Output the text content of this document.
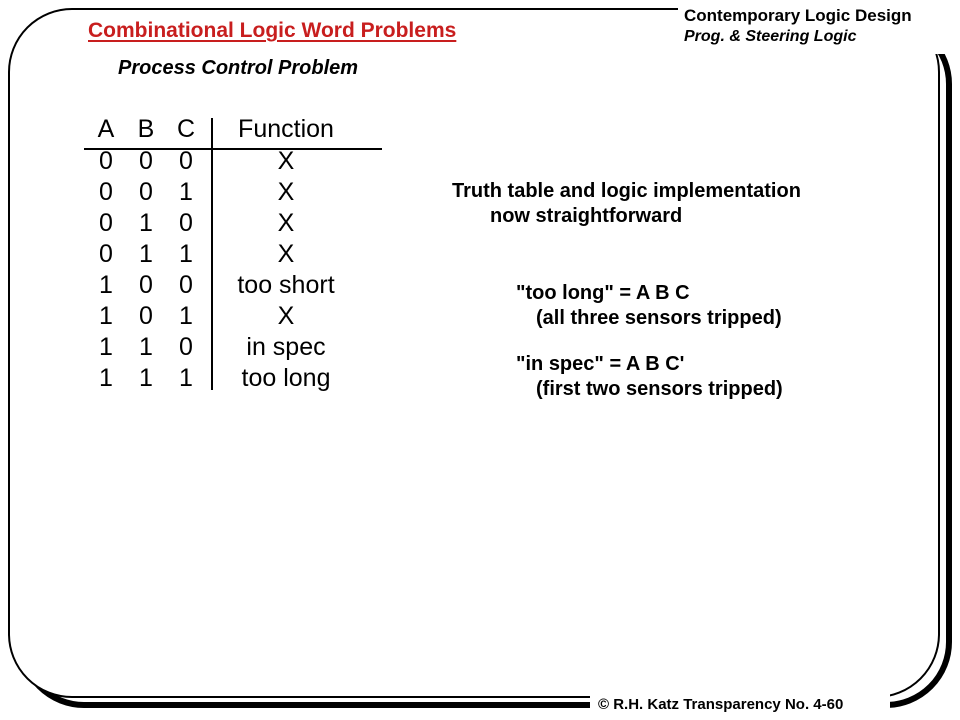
Combinational Logic Word Problems
Process Control Problem
Contemporary Logic Design
Prog. & Steering Logic
A B C	Function
0	0	0	X
0	0	1	X
0	1	0	X
0	1	1	X
1	0	0	too short
1	0	1	X
1	1	0	in spec
1	1	1	too long
Truth table and logic implementation
now straightforward
"too long" = A B C
(all three sensors tripped)
"in spec" = A B C'
(first two sensors tripped)
© R.H. Katz Transparency No. 4-60
